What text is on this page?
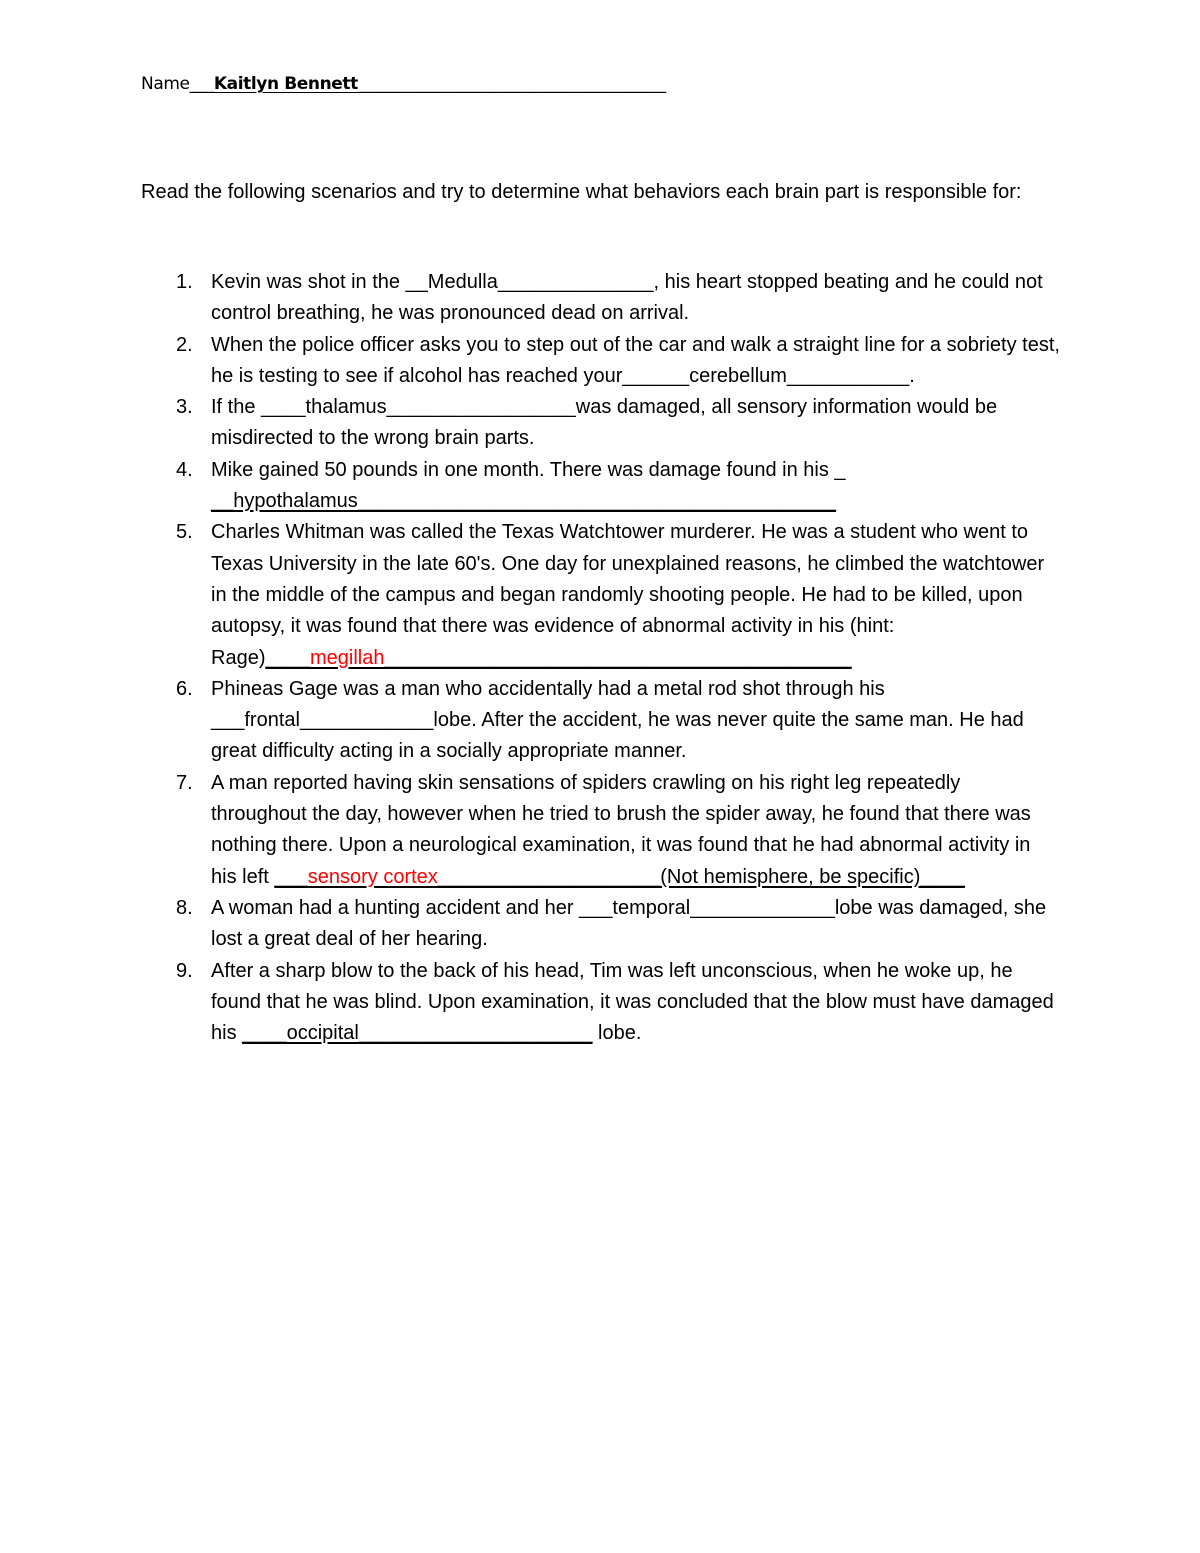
Name___Kaitlyn Bennett______________________________________
Read the following scenarios and try to determine what behaviors each brain part is responsible for:
1. Kevin was shot in the __Medulla______________, his heart stopped beating and he could not control breathing, he was pronounced dead on arrival.
2. When the police officer asks you to step out of the car and walk a straight line for a sobriety test, he is testing to see if alcohol has reached your______cerebellum___________.
3. If the ____thalamus_________________was damaged, all sensory information would be misdirected to the wrong brain parts.
4. Mike gained 50 pounds in one month. There was damage found in his _ __hypothalamus___________________________________________
5. Charles Whitman was called the Texas Watchtower murderer. He was a student who went to Texas University in the late 60's. One day for unexplained reasons, he climbed the watchtower in the middle of the campus and began randomly shooting people. He had to be killed, upon autopsy, it was found that there was evidence of abnormal activity in his (hint: Rage)____megillah__________________________________________
6. Phineas Gage was a man who accidentally had a metal rod shot through his ___frontal____________lobe. After the accident, he was never quite the same man. He had great difficulty acting in a socially appropriate manner.
7. A man reported having skin sensations of spiders crawling on his right leg repeatedly throughout the day, however when he tried to brush the spider away, he found that there was nothing there. Upon a neurological examination, it was found that he had abnormal activity in his left ___sensory cortex____________________(Not hemisphere, be specific)____
8. A woman had a hunting accident and her ___temporal_____________lobe was damaged, she lost a great deal of her hearing.
9. After a sharp blow to the back of his head, Tim was left unconscious, when he woke up, he found that he was blind. Upon examination, it was concluded that the blow must have damaged his ____occipital_____________________ lobe.
